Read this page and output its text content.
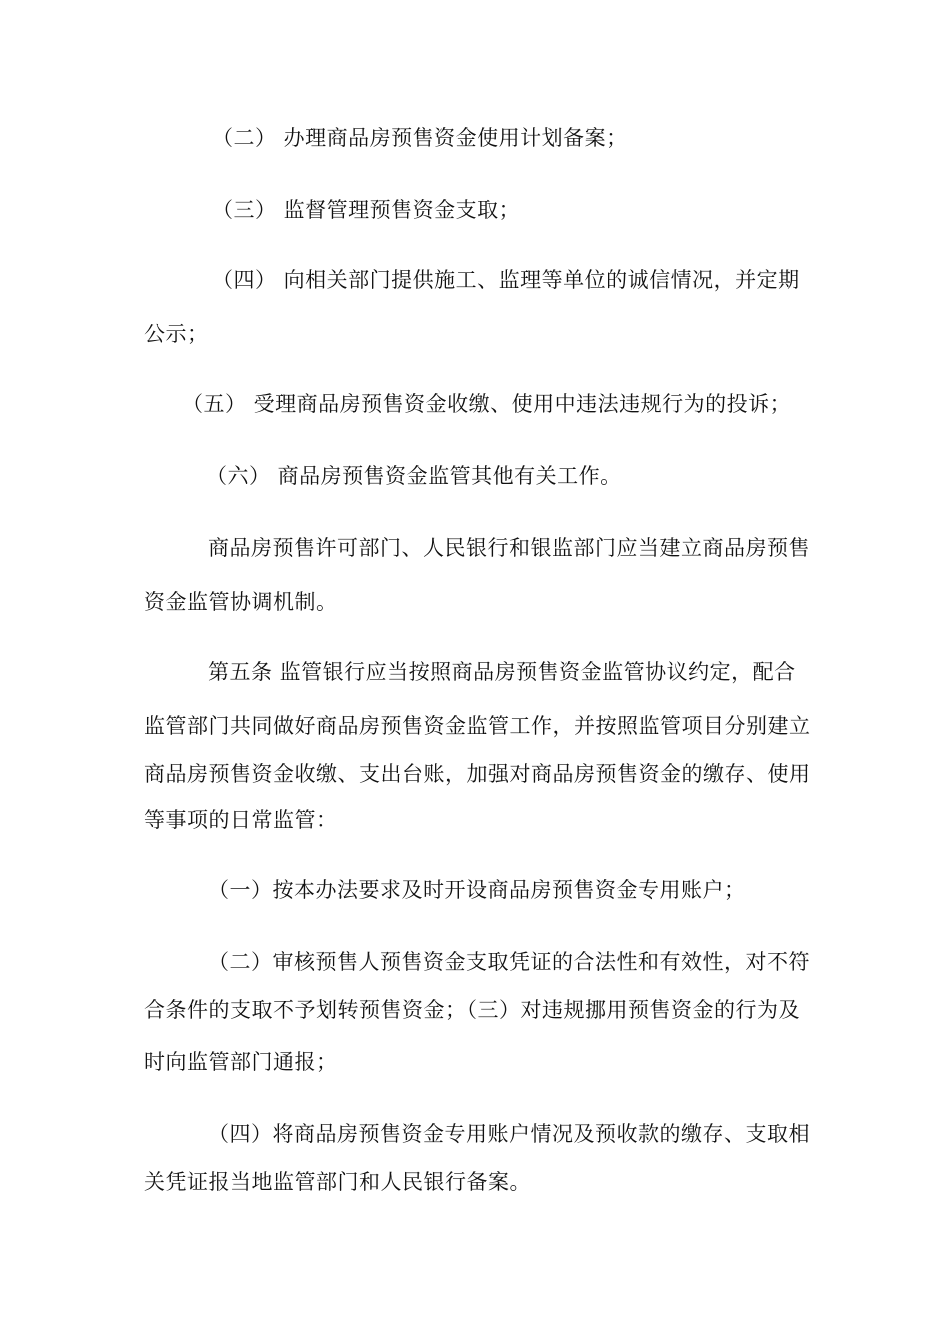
（二） 办理商品房预售资金使用计划备案；
（三） 监督管理预售资金支取；
（四） 向相关部门提供施工、监理等单位的诚信情况，并定期
公示；
（五） 受理商品房预售资金收缴、使用中违法违规行为的投诉；
（六） 商品房预售资金监管其他有关工作。
商品房预售许可部门、人民银行和银监部门应当建立商品房预售
资金监管协调机制。
第五条 监管银行应当按照商品房预售资金监管协议约定，配合
监管部门共同做好商品房预售资金监管工作，并按照监管项目分别建立
商品房预售资金收缴、支出台账，加强对商品房预售资金的缴存、使用
等事项的日常监管：
（一）按本办法要求及时开设商品房预售资金专用账户；
（二）审核预售人预售资金支取凭证的合法性和有效性，对不符
合条件的支取不予划转预售资金；（三）对违规挪用预售资金的行为及
时向监管部门通报；
（四）将商品房预售资金专用账户情况及预收款的缴存、支取相
关凭证报当地监管部门和人民银行备案。
